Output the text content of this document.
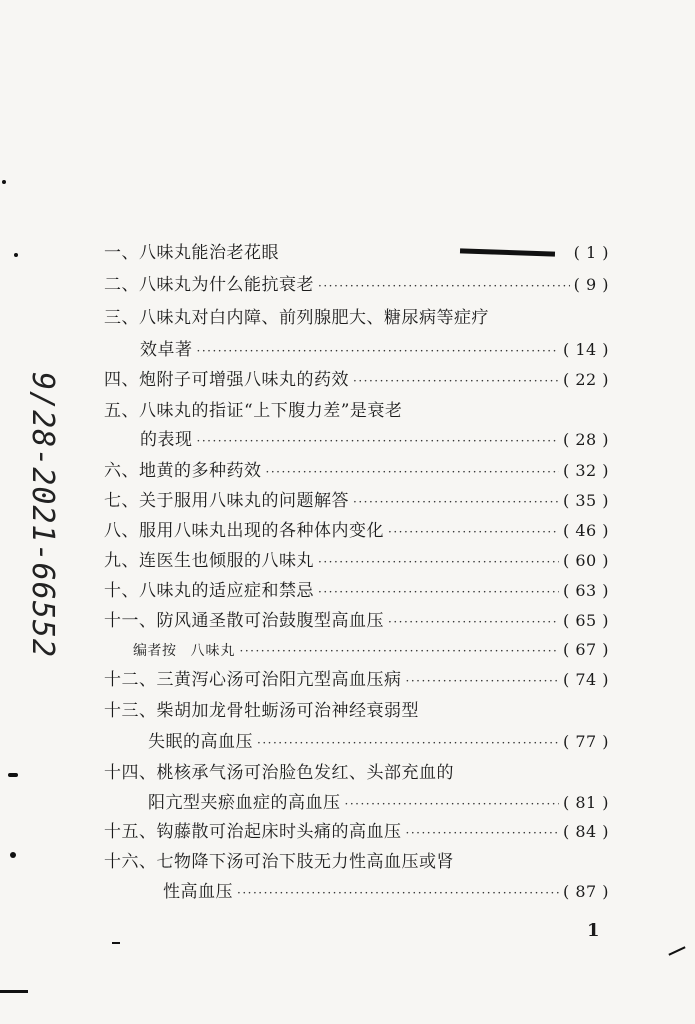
一、 八味丸能治老花眼	( 1 )
二、 八味丸为什么能抗衰老 ·····	( 9 )
三、 八味丸对白内障、前列腺肥大、糖尿病等症疗
效卓著 ·····	( 14 )
四、 炮附子可增强八味丸的药效 ·····	( 22 )
五、 八味丸的指证“上下腹力差”是衰老
的表现 ·····	( 28 )
六、 地黄的多种药效 ·····	( 32 )
七、 关于服用八味丸的问题解答 ·····	( 35 )
八、 服用八味丸出现的各种体内变化 ·····	( 46 )
九、 连医生也倾服的八味丸 ·····	( 60 )
十、 八味丸的适应症和禁忌 ·····	( 63 )
十一、 防风通圣散可治鼓腹型高血压 ·····	( 65 )
编者按 八味丸 ·····	( 67 )
十二、 三黄泻心汤可治阳亢型高血压病 ·····	( 74 )
十三、 柴胡加龙骨牡蛎汤可治神经衰弱型
失眠的高血压 ·····	( 77 )
十四、 桃核承气汤可治脸色发红、头部充血的
阳亢型夹瘀血症的高血压 ·····	( 81 )
十五、 钩藤散可治起床时头痛的高血压 ·····	( 84 )
十六、 七物降下汤可治下肢无力性高血压或肾
性高血压 ·····	( 87 )
9/28-2021-66552
1
